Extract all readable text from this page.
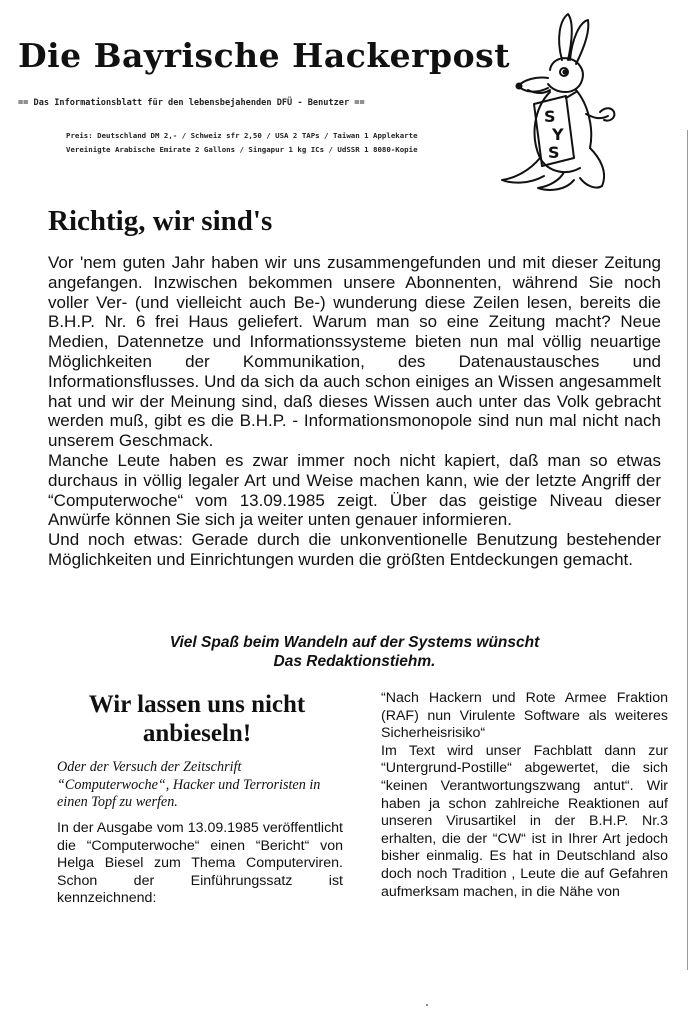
Die Bayrische Hackerpost
== Das Informationsblatt für den lebensbejahenden DFÜ - Benutzer ==
Preis: Deutschland DM 2,- / Schweiz sfr 2,50 / USA 2 TAPs / Taiwan 1 Applekarte
Vereinigte Arabische Emirate 2 Gallons / Singapur 1 kg ICs / UdSSR 1 8080-Kopie
S
Y
S
Richtig, wir sind's

Vor 'nem guten Jahr haben wir uns zusammengefunden und mit dieser Zeitung angefangen. Inzwischen bekommen unsere Abonnenten, während Sie noch voller Ver- (und vielleicht auch Be-) wunderung diese Zeilen lesen, bereits die B.H.P. Nr. 6 frei Haus geliefert. Warum man so eine Zeitung macht? Neue Medien, Datennetze und Informationssysteme bieten nun mal völlig neuartige Möglichkeiten der Kommunikation, des Datenaustausches und Informationsflusses. Und da sich da auch schon einiges an Wissen angesammelt hat und wir der Meinung sind, daß dieses Wissen auch unter das Volk gebracht werden muß, gibt es die B.H.P. - Informationsmonopole sind nun mal nicht nach unserem Geschmack.

Manche Leute haben es zwar immer noch nicht kapiert, daß man so etwas durchaus in völlig legaler Art und Weise machen kann, wie der letzte Angriff der “Computerwoche“ vom 13.09.1985 zeigt. Über das geistige Niveau dieser Anwürfe können Sie sich ja weiter unten genauer informieren.

Und noch etwas: Gerade durch die unkonventionelle Benutzung bestehender Möglichkeiten und Einrichtungen wurden die größten Entdeckungen gemacht.

Viel Spaß beim Wandeln auf der Systems wünscht
Das Redaktionstiehm.
Wir lassen uns nicht anbieseln!
Oder der Versuch der Zeitschrift “Computerwoche“, Hacker und Terroristen in einen Topf zu werfen.

In der Ausgabe vom 13.09.1985 veröffentlicht die “Computerwoche“ einen “Bericht“ von Helga Biesel zum Thema Computerviren. Schon der Einführungssatz ist kennzeichnend:

“Nach Hackern und Rote Armee Fraktion (RAF) nun Virulente Software als weiteres Sicherheisrisiko“

Im Text wird unser Fachblatt dann zur “Untergrund-Postille“ abgewertet, die sich “keinen Verantwortungszwang antut“. Wir haben ja schon zahlreiche Reaktionen auf unseren Virusartikel in der B.H.P. Nr.3 erhalten, die der “CW“ ist in Ihrer Art jedoch bisher einmalig. Es hat in Deutschland also doch noch Tradition , Leute die auf Gefahren aufmerksam machen, in die Nähe von
